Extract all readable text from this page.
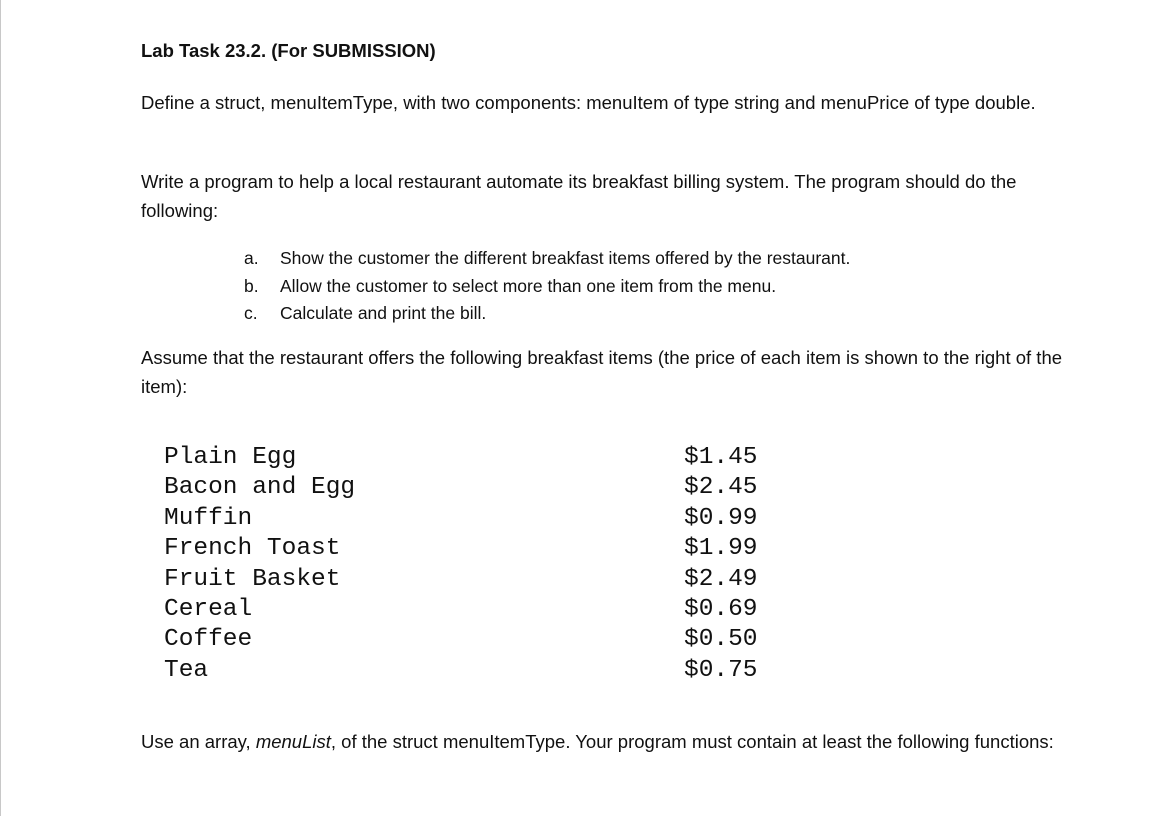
Lab Task 23.2. (For SUBMISSION)
Define a struct, menuItemType, with two components: menuItem of type string and menuPrice of type double.
Write a program to help a local restaurant automate its breakfast billing system. The program should do the following:
a.	Show the customer the different breakfast items offered by the restaurant.
b.	Allow the customer to select more than one item from the menu.
c.	Calculate and print the bill.
Assume that the restaurant offers the following breakfast items (the price of each item is shown to the right of the item):
Plain Egg	$1.45
Bacon and Egg	$2.45
Muffin	$0.99
French Toast	$1.99
Fruit Basket	$2.49
Cereal	$0.69
Coffee	$0.50
Tea	$0.75
Use an array, menuList, of the struct menuItemType. Your program must contain at least the following functions:
